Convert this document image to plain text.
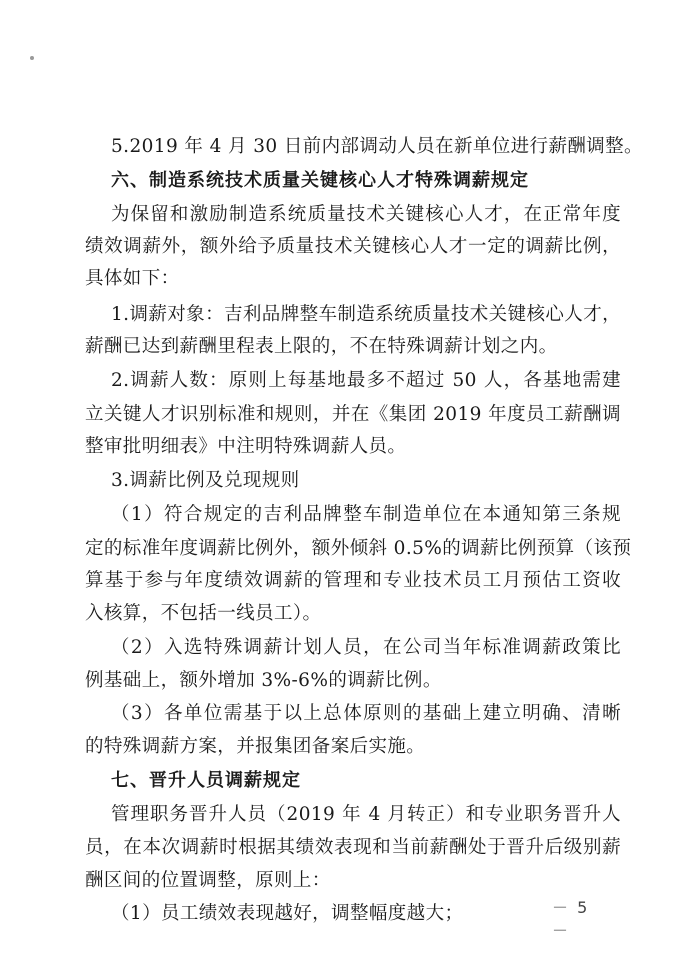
5.2019 年 4 月 30 日前内部调动人员在新单位进行薪酬调整。
六、制造系统技术质量关键核心人才特殊调薪规定
为保留和激励制造系统质量技术关键核心人才，在正常年度
绩效调薪外，额外给予质量技术关键核心人才一定的调薪比例，
具体如下：
1.调薪对象：吉利品牌整车制造系统质量技术关键核心人才，
薪酬已达到薪酬里程表上限的，不在特殊调薪计划之内。
2.调薪人数：原则上每基地最多不超过 50 人，各基地需建
立关键人才识别标准和规则，并在《集团 2019 年度员工薪酬调
整审批明细表》中注明特殊调薪人员。
3.调薪比例及兑现规则
（1）符合规定的吉利品牌整车制造单位在本通知第三条规
定的标准年度调薪比例外，额外倾斜 0.5%的调薪比例预算（该预
算基于参与年度绩效调薪的管理和专业技术员工月预估工资收
入核算，不包括一线员工）。
（2）入选特殊调薪计划人员，在公司当年标准调薪政策比
例基础上，额外增加 3%-6%的调薪比例。
（3）各单位需基于以上总体原则的基础上建立明确、清晰
的特殊调薪方案，并报集团备案后实施。
七、晋升人员调薪规定
管理职务晋升人员（2019 年 4 月转正）和专业职务晋升人
员，在本次调薪时根据其绩效表现和当前薪酬处于晋升后级别薪
酬区间的位置调整，原则上：
（1）员工绩效表现越好，调整幅度越大；	－ 5 －
